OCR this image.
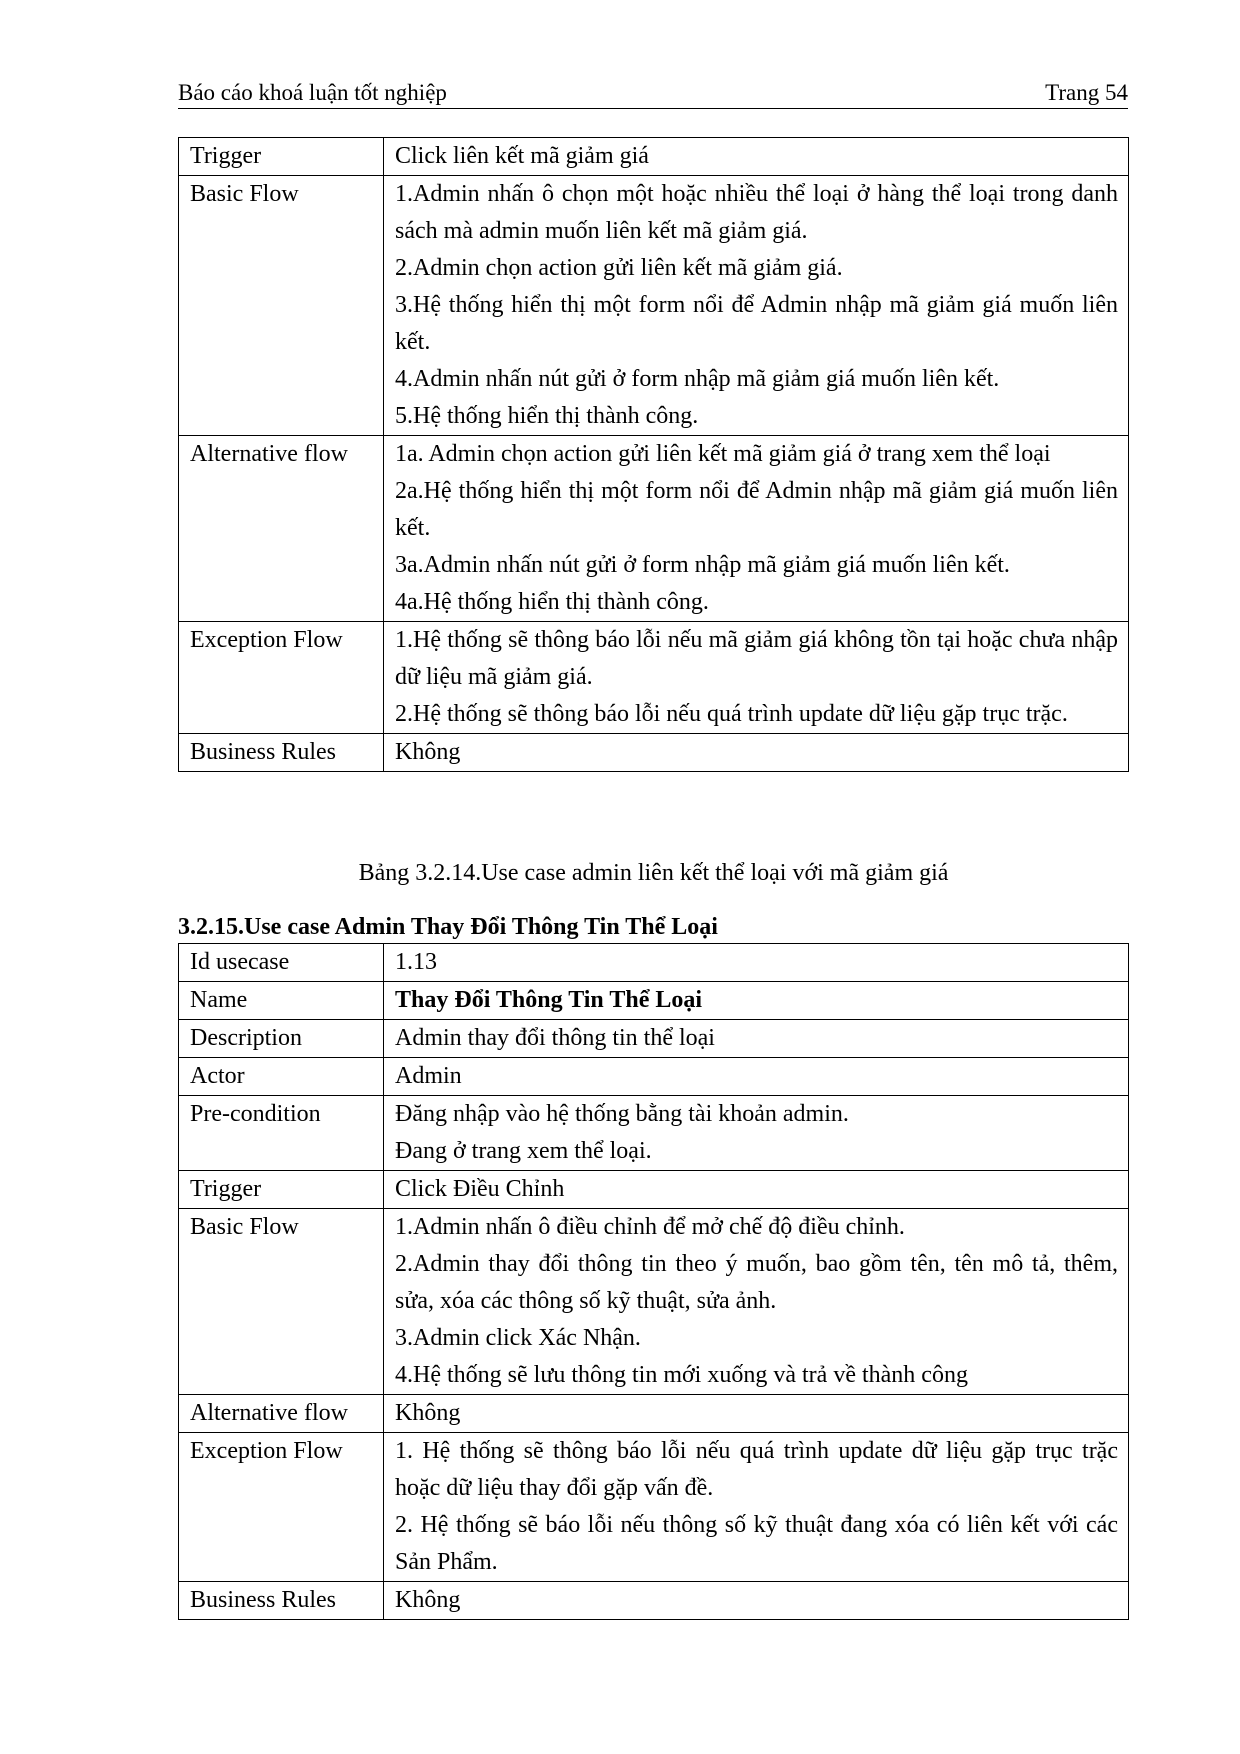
Báo cáo khoá luận tốt nghiệp	Trang 54
Trigger	Click liên kết mã giảm giá

Basic Flow	1.Admin nhấn ô chọn một hoặc nhiều thể loại ở hàng thể loại trong danh sách mà admin muốn liên kết mã giảm giá.
2.Admin chọn action gửi liên kết mã giảm giá.
3.Hệ thống hiển thị một form nổi để Admin nhập mã giảm giá muốn liên kết.
4.Admin nhấn nút gửi ở form nhập mã giảm giá muốn liên kết.
5.Hệ thống hiển thị thành công.

Alternative flow	1a. Admin chọn action gửi liên kết mã giảm giá ở trang xem thể loại
2a.Hệ thống hiển thị một form nổi để Admin nhập mã giảm giá muốn liên kết.
3a.Admin nhấn nút gửi ở form nhập mã giảm giá muốn liên kết.
4a.Hệ thống hiển thị thành công.

Exception Flow	1.Hệ thống sẽ thông báo lỗi nếu mã giảm giá không tồn tại hoặc chưa nhập dữ liệu mã giảm giá.
2.Hệ thống sẽ thông báo lỗi nếu quá trình update dữ liệu gặp trục trặc.

Business Rules	Không
Bảng 3.2.14.Use case admin liên kết thể loại với mã giảm giá
3.2.15.Use case Admin Thay Đổi Thông Tin Thể Loại
Id usecase	1.13

Name	Thay Đổi Thông Tin Thể Loại

Description	Admin thay đổi thông tin thể loại

Actor	Admin

Pre-condition	Đăng nhập vào hệ thống bằng tài khoản admin.
Đang ở trang xem thể loại.

Trigger	Click Điều Chỉnh

Basic Flow	1.Admin nhấn ô điều chỉnh để mở chế độ điều chỉnh.
2.Admin thay đổi thông tin theo ý muốn, bao gồm tên, tên mô tả, thêm, sửa, xóa các thông số kỹ thuật, sửa ảnh.
3.Admin click Xác Nhận.
4.Hệ thống sẽ lưu thông tin mới xuống và trả về thành công

Alternative flow	Không

Exception Flow	1. Hệ thống sẽ thông báo lỗi nếu quá trình update dữ liệu gặp trục trặc hoặc dữ liệu thay đổi gặp vấn đề.
2. Hệ thống sẽ báo lỗi nếu thông số kỹ thuật đang xóa có liên kết với các Sản Phẩm.

Business Rules	Không
